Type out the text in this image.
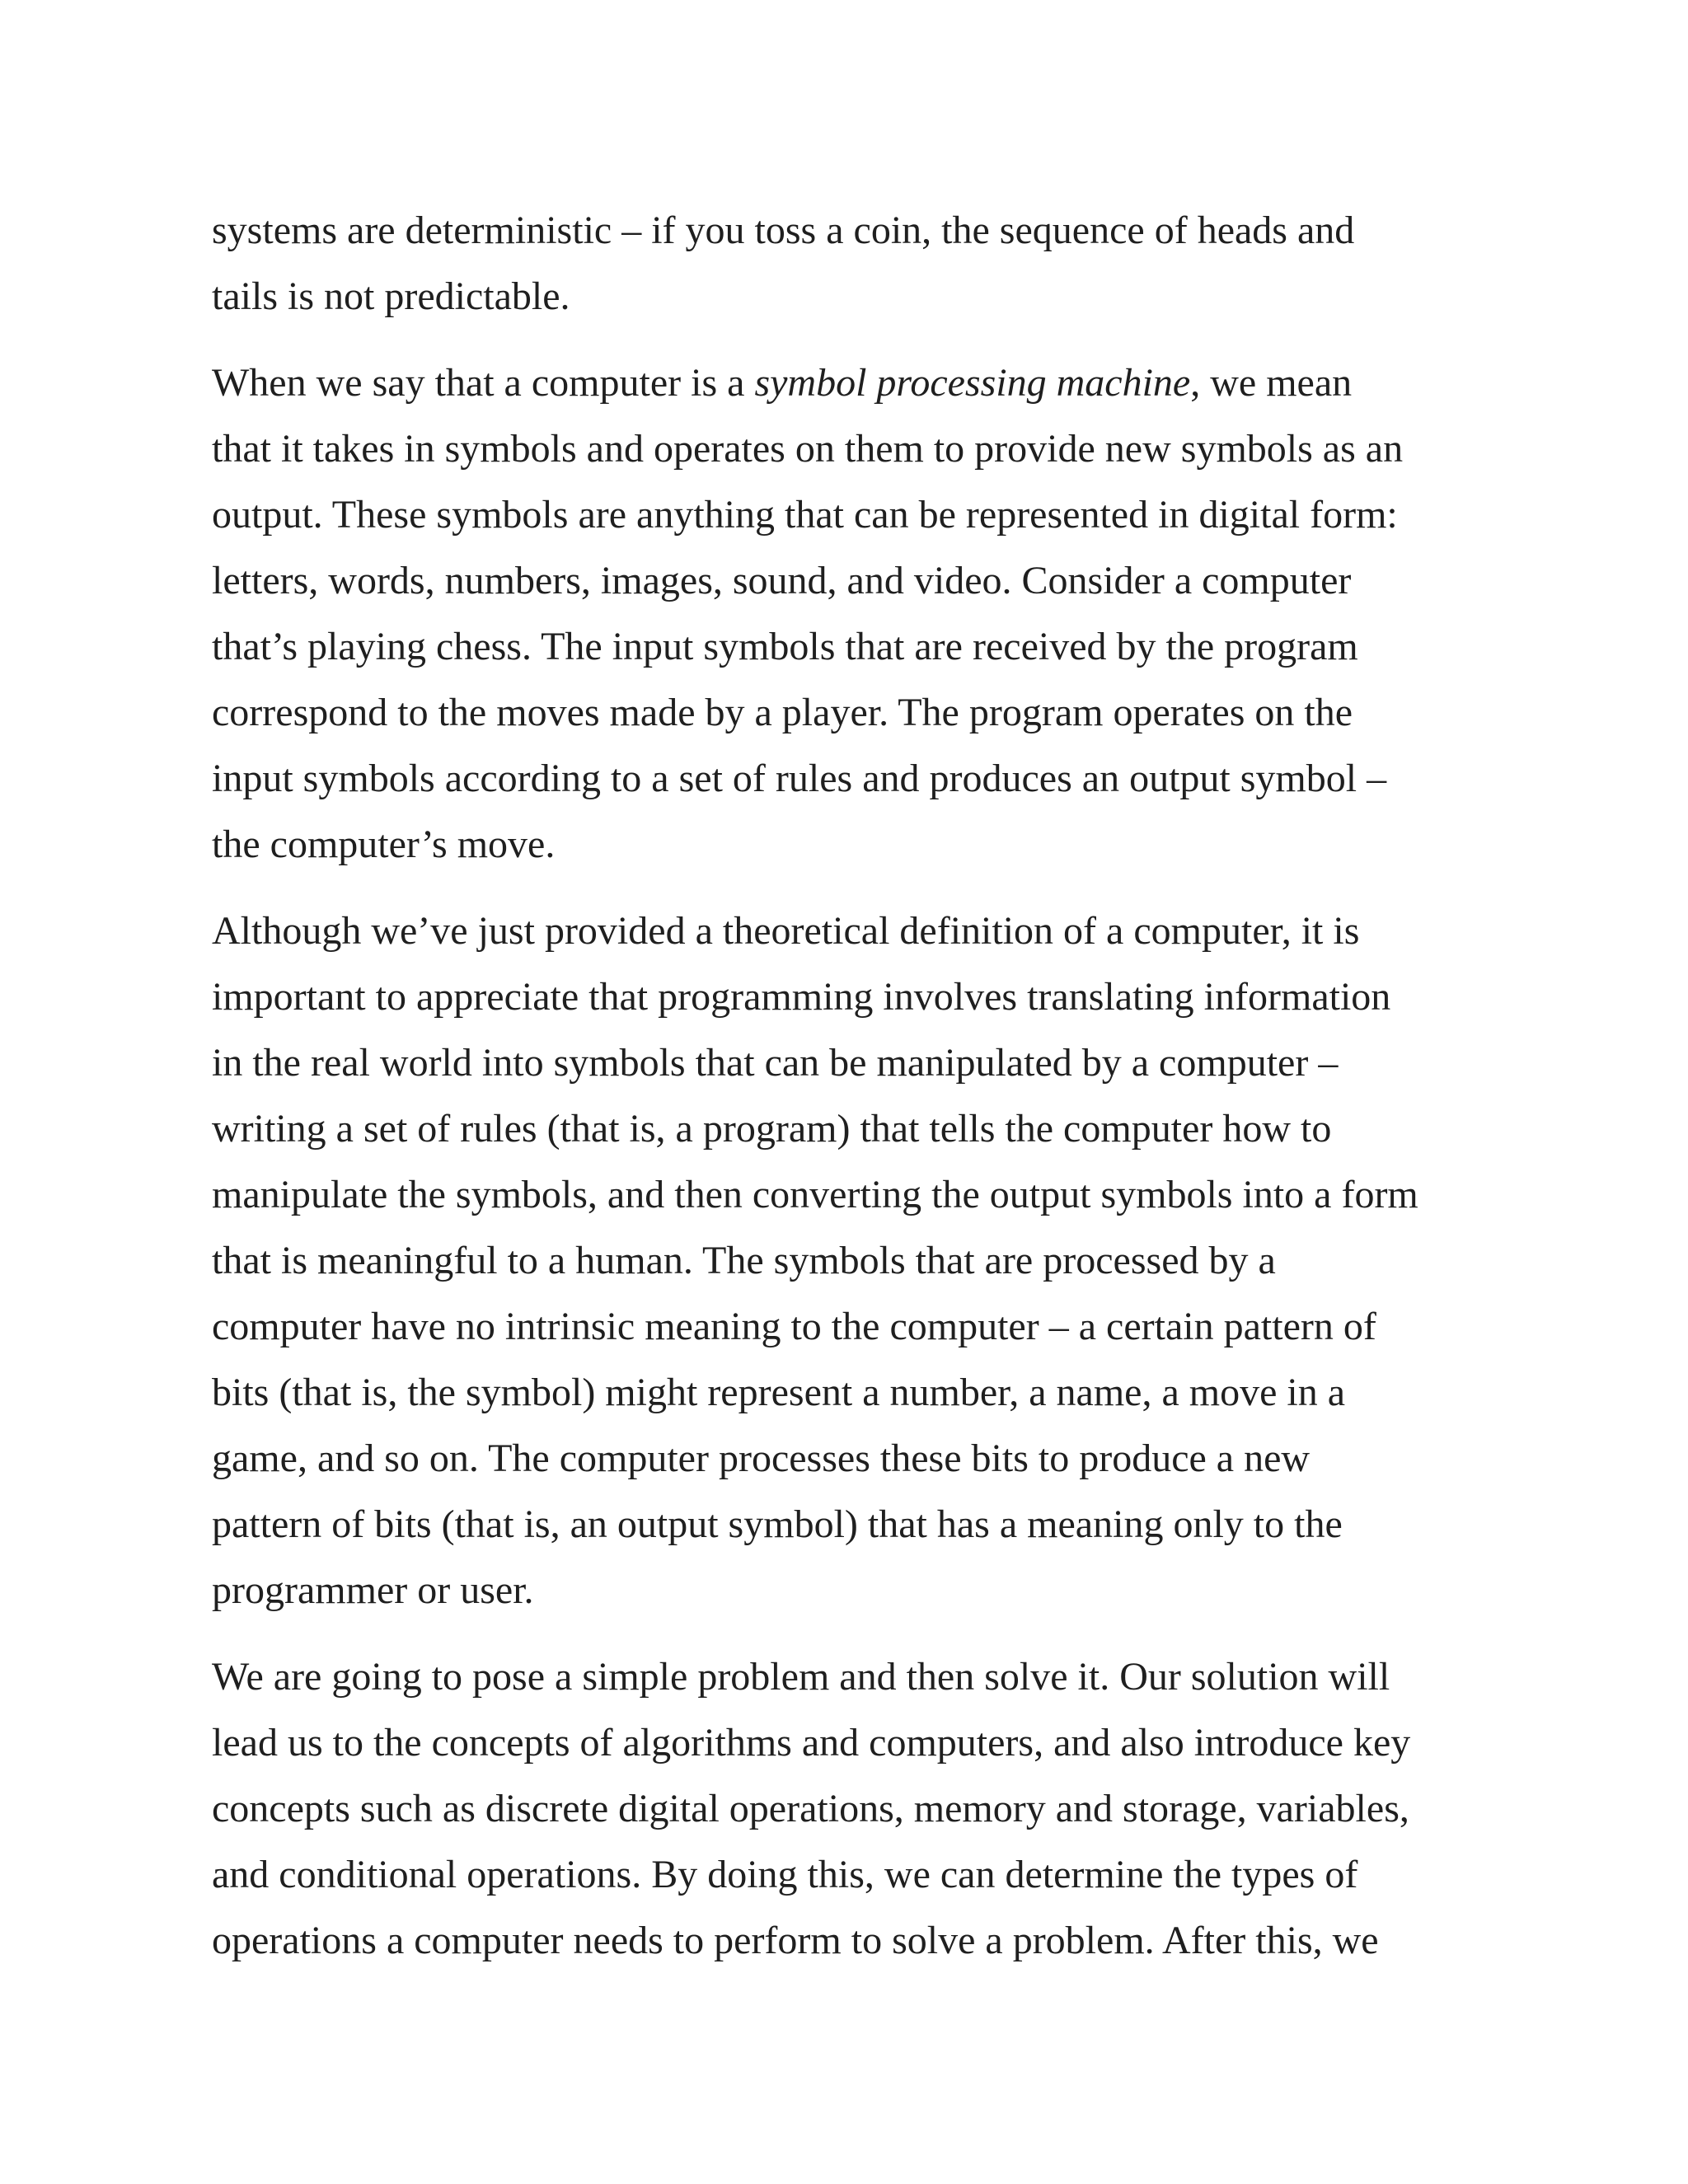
systems are deterministic – if you toss a coin, the sequence of heads and
tails is not predictable.

When we say that a computer is a symbol processing machine, we mean
that it takes in symbols and operates on them to provide new symbols as an
output. These symbols are anything that can be represented in digital form:
letters, words, numbers, images, sound, and video. Consider a computer
that’s playing chess. The input symbols that are received by the program
correspond to the moves made by a player. The program operates on the
input symbols according to a set of rules and produces an output symbol –
the computer’s move.

Although we’ve just provided a theoretical definition of a computer, it is
important to appreciate that programming involves translating information
in the real world into symbols that can be manipulated by a computer –
writing a set of rules (that is, a program) that tells the computer how to
manipulate the symbols, and then converting the output symbols into a form
that is meaningful to a human. The symbols that are processed by a
computer have no intrinsic meaning to the computer – a certain pattern of
bits (that is, the symbol) might represent a number, a name, a move in a
game, and so on. The computer processes these bits to produce a new
pattern of bits (that is, an output symbol) that has a meaning only to the
programmer or user.

We are going to pose a simple problem and then solve it. Our solution will
lead us to the concepts of algorithms and computers, and also introduce key
concepts such as discrete digital operations, memory and storage, variables,
and conditional operations. By doing this, we can determine the types of
operations a computer needs to perform to solve a problem. After this, we
